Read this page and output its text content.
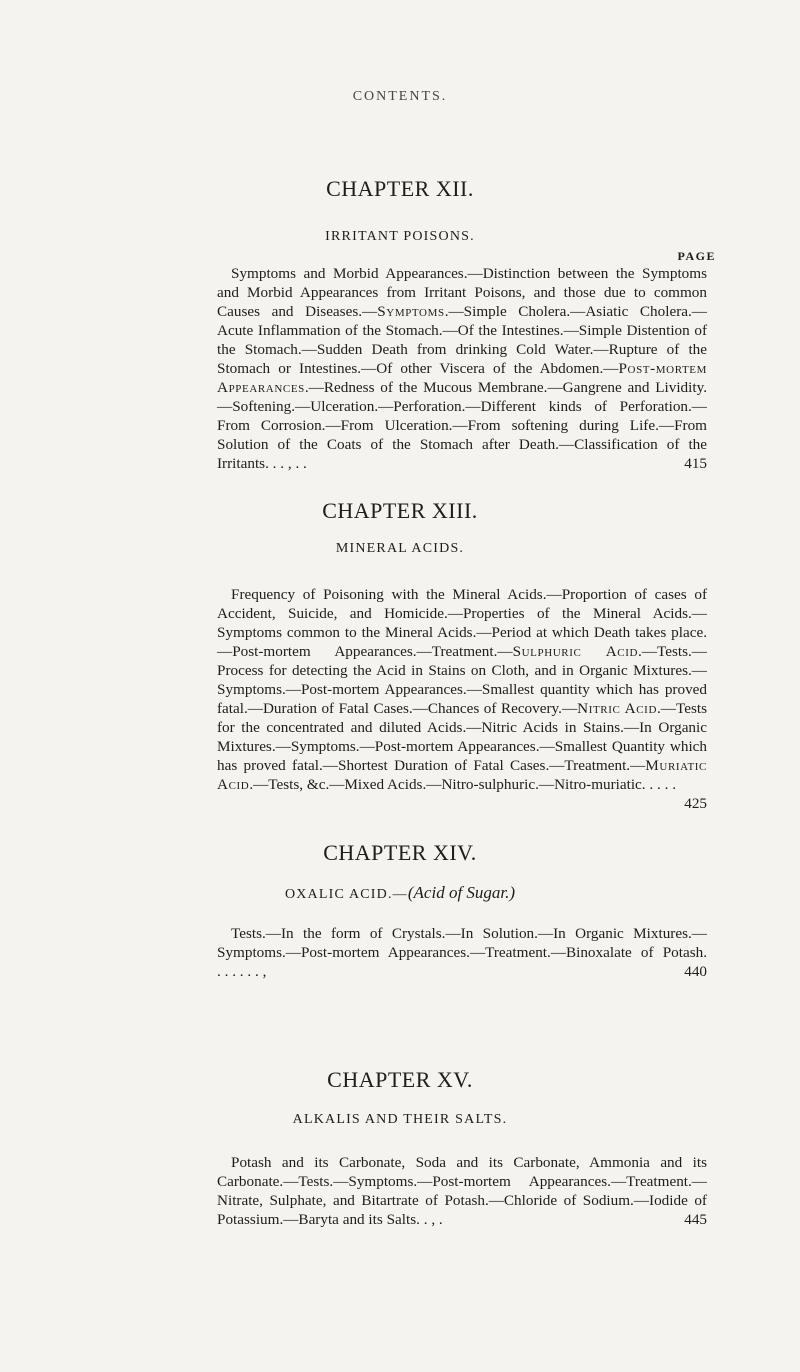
CONTENTS.
CHAPTER XII.
IRRITANT POISONS.
PAGE

Symptoms and Morbid Appearances.—Distinction between the Symptoms and Morbid Appearances from Irritant Poisons, and those due to common Causes and Diseases.—Symptoms.—Simple Cholera.—Asiatic Cholera.—Acute Inflammation of the Stomach.—Of the Intestines.—Simple Distention of the Stomach.—Sudden Death from drinking Cold Water.—Rupture of the Stomach or Intestines.—Of other Viscera of the Abdomen.—Post-mortem Appearances.—Redness of the Mucous Membrane.—Gangrene and Lividity.—Softening.—Ulceration.—Perforation.—Different kinds of Perforation.—From Corrosion.—From Ulceration.—From softening during Life.—From Solution of the Coats of the Stomach after Death.—Classification of the Irritants. . . , . .	415

CHAPTER XIII.
MINERAL ACIDS.

Frequency of Poisoning with the Mineral Acids.—Proportion of cases of Accident, Suicide, and Homicide.—Properties of the Mineral Acids.—Symptoms common to the Mineral Acids.—Period at which Death takes place.—Post-mortem Appearances.—Treatment.—Sulphuric Acid.—Tests.—Process for detecting the Acid in Stains on Cloth, and in Organic Mixtures.—Symptoms.—Post-mortem Appearances.—Smallest quantity which has proved fatal.—Duration of Fatal Cases.—Chances of Recovery.—Nitric Acid.—Tests for the concentrated and diluted Acids.—Nitric Acids in Stains.—In Organic Mixtures.—Symptoms.—Post-mortem Appearances.—Smallest Quantity which has proved fatal.—Shortest Duration of Fatal Cases.—Treatment.—Muriatic Acid.—Tests, &c.—Mixed Acids.—Nitro-sulphuric.—Nitro-muriatic. . . . .
425

CHAPTER XIV.
OXALIC ACID.—(Acid of Sugar.)

Tests.—In the form of Crystals.—In Solution.—In Organic Mixtures.—Symptoms.—Post-mortem Appearances.—Treatment.—Binoxalate of Potash. . . . . . . ,	440

CHAPTER XV.
ALKALIS AND THEIR SALTS.

Potash and its Carbonate, Soda and its Carbonate, Ammonia and its Carbonate.—Tests.—Symptoms.—Post-mortem Appearances.—Treatment.—Nitrate, Sulphate, and Bitartrate of Potash.—Chloride of Sodium.—Iodide of Potassium.—Baryta and its Salts. . , .	445
